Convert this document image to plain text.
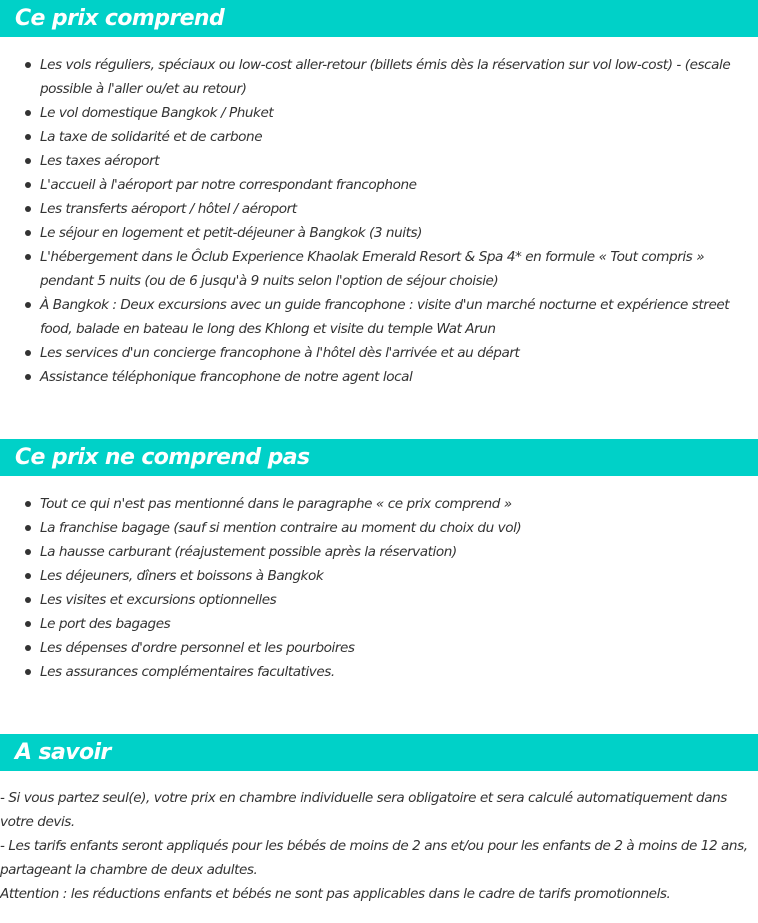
Ce prix comprend
Les vols réguliers, spéciaux ou low-cost aller-retour (billets émis dès la réservation sur vol low-cost) - (escale possible à l'aller ou/et au retour)
Le vol domestique Bangkok / Phuket
La taxe de solidarité et de carbone
Les taxes aéroport
L'accueil à l'aéroport par notre correspondant francophone
Les transferts aéroport / hôtel / aéroport
Le séjour en logement et petit-déjeuner à Bangkok (3 nuits)
L'hébergement dans le Ôclub Experience Khaolak Emerald Resort & Spa 4* en formule « Tout compris » pendant 5 nuits (ou de 6 jusqu'à 9 nuits selon l'option de séjour choisie)
À Bangkok : Deux excursions avec un guide francophone : visite d'un marché nocturne et expérience street food, balade en bateau le long des Khlong et visite du temple Wat Arun
Les services d'un concierge francophone à l'hôtel dès l'arrivée et au départ
Assistance téléphonique francophone de notre agent local
Ce prix ne comprend pas
Tout ce qui n'est pas mentionné dans le paragraphe « ce prix comprend »
La franchise bagage (sauf si mention contraire au moment du choix du vol)
La hausse carburant (réajustement possible après la réservation)
Les déjeuners, dîners et boissons à Bangkok
Les visites et excursions optionnelles
Le port des bagages
Les dépenses d'ordre personnel et les pourboires
Les assurances complémentaires facultatives.
A savoir

- Si vous partez seul(e), votre prix en chambre individuelle sera obligatoire et sera calculé automatiquement dans votre devis.

- Les tarifs enfants seront appliqués pour les bébés de moins de 2 ans et/ou pour les enfants de 2 à moins de 12 ans, partageant la chambre de deux adultes.

Attention : les réductions enfants et bébés ne sont pas applicables dans le cadre de tarifs promotionnels.
